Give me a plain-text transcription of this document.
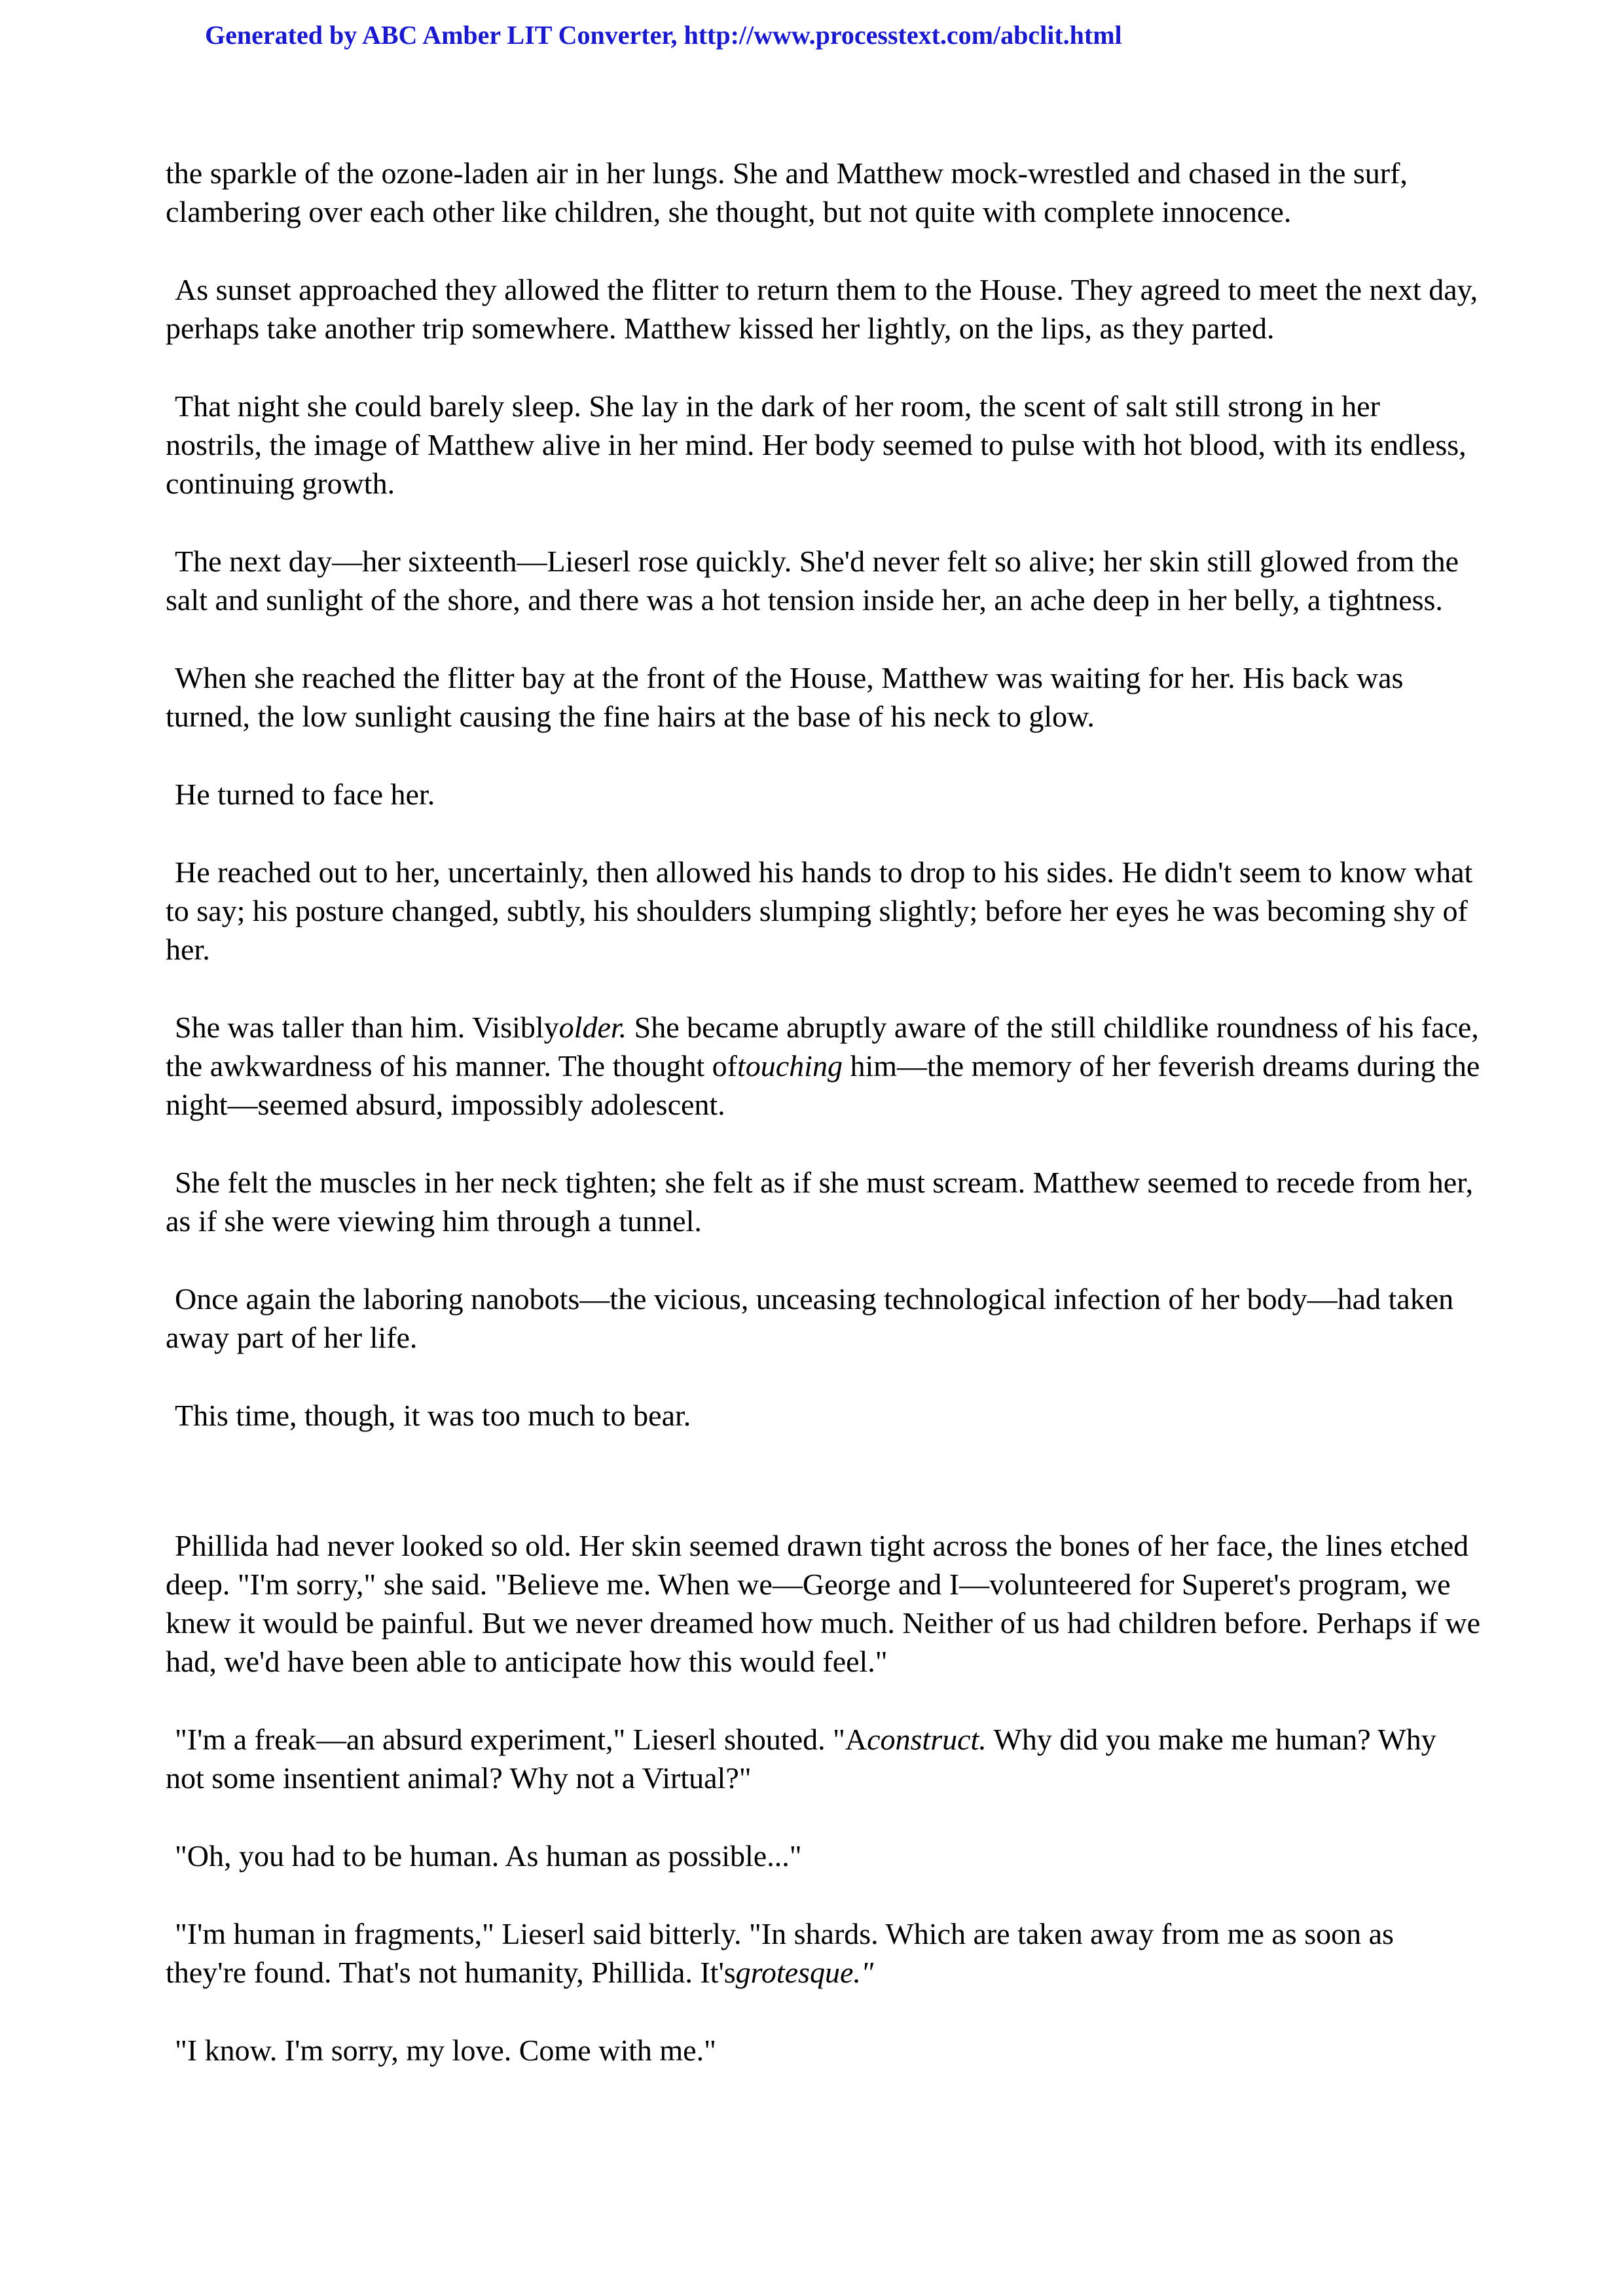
Generated by ABC Amber LIT Converter, http://www.processtext.com/abclit.html

the sparkle of the ozone-laden air in her lungs. She and Matthew mock-wrestled and chased in the surf, clambering over each other like children, she thought, but not quite with complete innocence.

As sunset approached they allowed the flitter to return them to the House. They agreed to meet the next day, perhaps take another trip somewhere. Matthew kissed her lightly, on the lips, as they parted.

That night she could barely sleep. She lay in the dark of her room, the scent of salt still strong in her nostrils, the image of Matthew alive in her mind. Her body seemed to pulse with hot blood, with its endless, continuing growth.

The next day—her sixteenth—Lieserl rose quickly. She'd never felt so alive; her skin still glowed from the salt and sunlight of the shore, and there was a hot tension inside her, an ache deep in her belly, a tightness.

When she reached the flitter bay at the front of the House, Matthew was waiting for her. His back was turned, the low sunlight causing the fine hairs at the base of his neck to glow.

He turned to face her.

He reached out to her, uncertainly, then allowed his hands to drop to his sides. He didn't seem to know what to say; his posture changed, subtly, his shoulders slumping slightly; before her eyes he was becoming shy of her.

She was taller than him. Visiblyolder. She became abruptly aware of the still childlike roundness of his face, the awkwardness of his manner. The thought oftouching him—the memory of her feverish dreams during the night—seemed absurd, impossibly adolescent.

She felt the muscles in her neck tighten; she felt as if she must scream. Matthew seemed to recede from her, as if she were viewing him through a tunnel.

Once again the laboring nanobots—the vicious, unceasing technological infection of her body—had taken away part of her life.

This time, though, it was too much to bear.

Phillida had never looked so old. Her skin seemed drawn tight across the bones of her face, the lines etched deep. "I'm sorry," she said. "Believe me. When we—George and I—volunteered for Superet's program, we knew it would be painful. But we never dreamed how much. Neither of us had children before. Perhaps if we had, we'd have been able to anticipate how this would feel."

"I'm a freak—an absurd experiment," Lieserl shouted. "Aconstruct. Why did you make me human? Why not some insentient animal? Why not a Virtual?"

"Oh, you had to be human. As human as possible..."

"I'm human in fragments," Lieserl said bitterly. "In shards. Which are taken away from me as soon as they're found. That's not humanity, Phillida. It'sgrotesque."

"I know. I'm sorry, my love. Come with me."
